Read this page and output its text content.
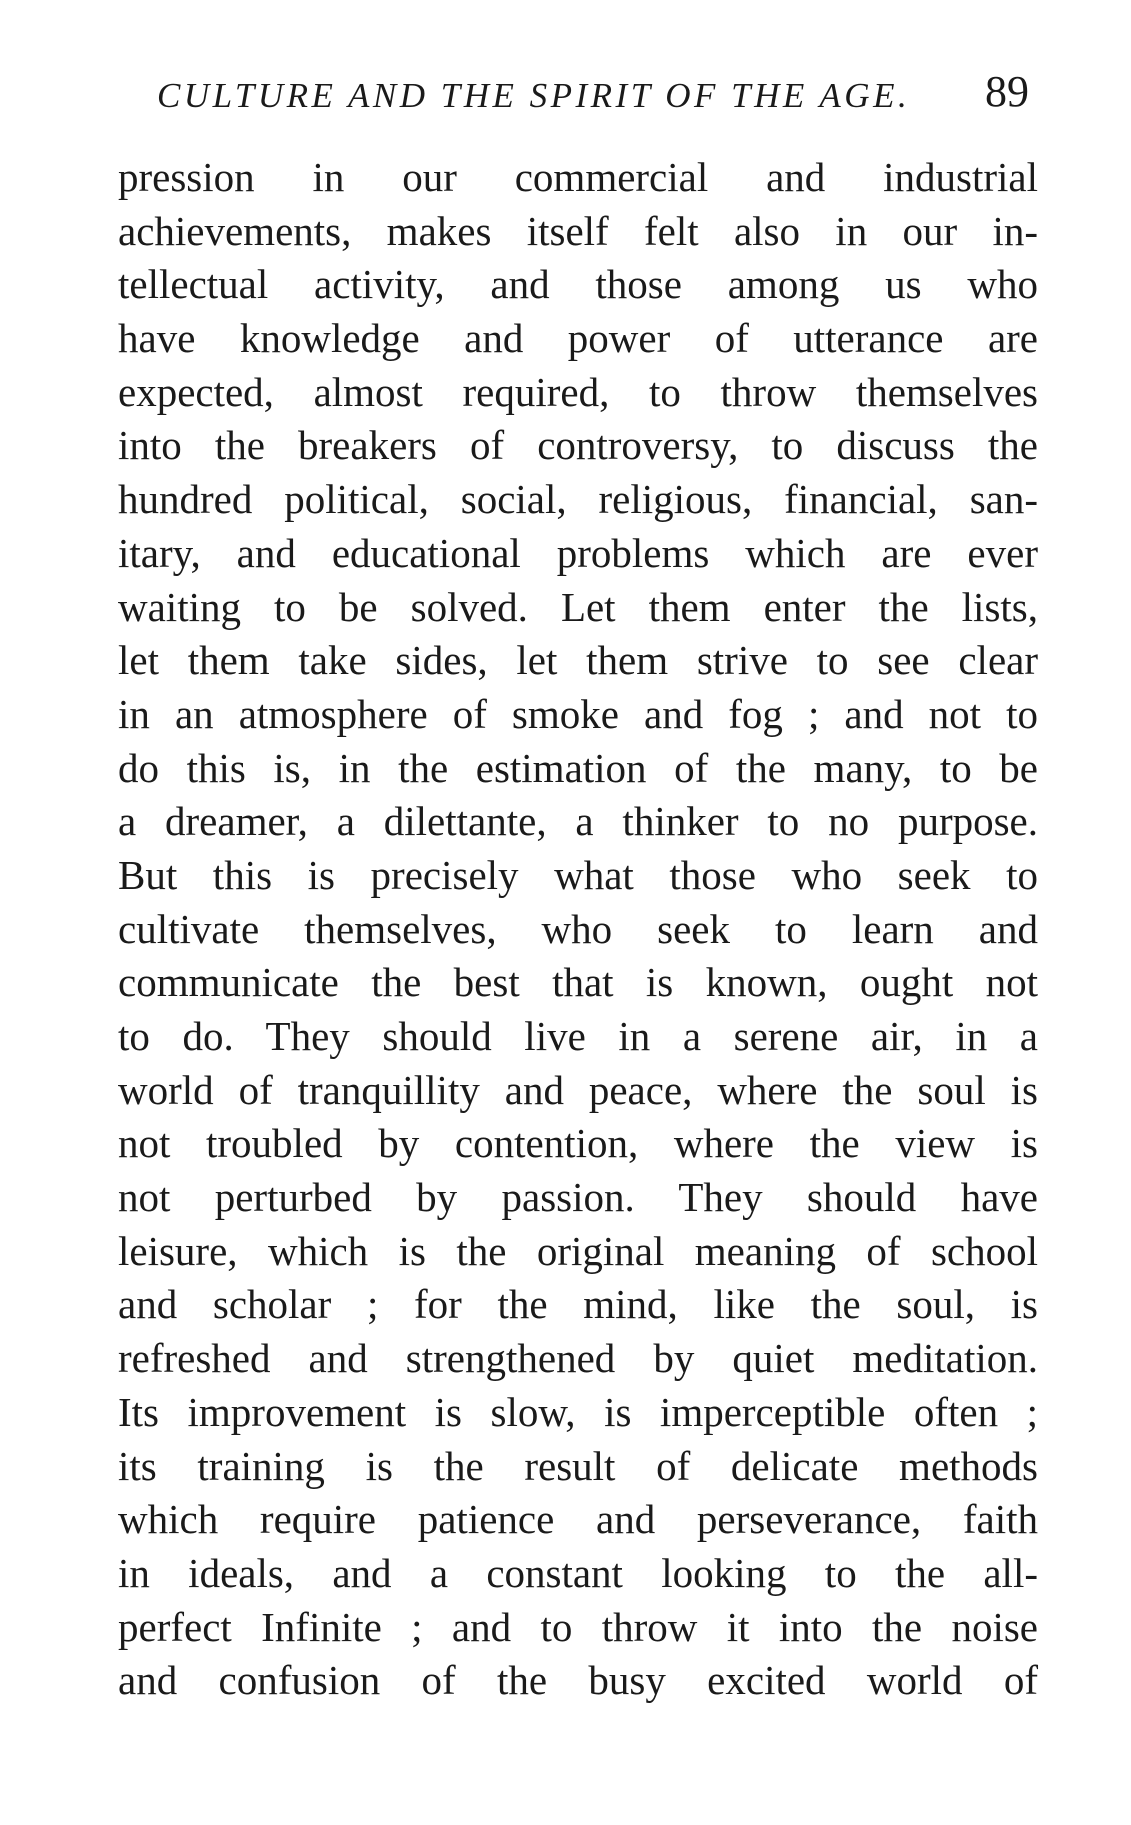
CULTURE AND THE SPIRIT OF THE AGE. 89
pression in our commercial and industrial
achievements, makes itself felt also in our in-
tellectual activity, and those among us who
have knowledge and power of utterance are
expected, almost required, to throw themselves
into the breakers of controversy, to discuss the
hundred political, social, religious, financial, san-
itary, and educational problems which are ever
waiting to be solved. Let them enter the lists,
let them take sides, let them strive to see clear
in an atmosphere of smoke and fog ; and not to
do this is, in the estimation of the many, to be
a dreamer, a dilettante, a thinker to no purpose.
But this is precisely what those who seek to
cultivate themselves, who seek to learn and
communicate the best that is known, ought not
to do. They should live in a serene air, in a
world of tranquillity and peace, where the soul is
not troubled by contention, where the view is
not perturbed by passion. They should have
leisure, which is the original meaning of school
and scholar ; for the mind, like the soul, is
refreshed and strengthened by quiet meditation.
Its improvement is slow, is imperceptible often ;
its training is the result of delicate methods
which require patience and perseverance, faith
in ideals, and a constant looking to the all-
perfect Infinite ; and to throw it into the noise
and confusion of the busy excited world of
